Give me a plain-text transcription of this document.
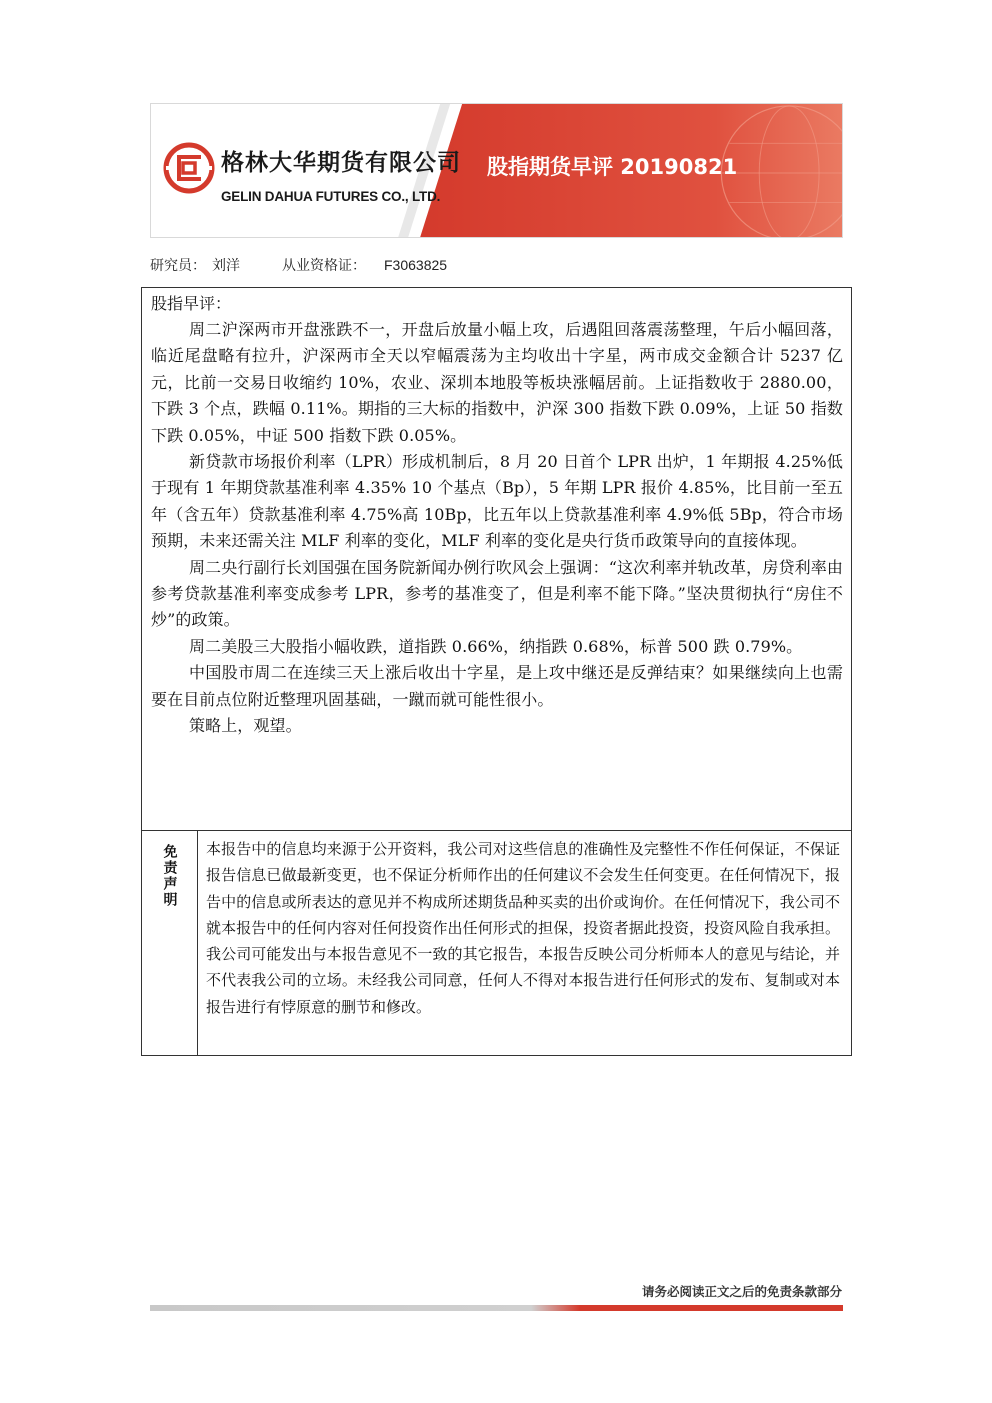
格林大华期货有限公司
GELIN DAHUA FUTURES CO., LTD.
股指期货早评 20190821
研究员： 刘洋	从业资格证： F3063825
股指早评：

周二沪深两市开盘涨跌不一，开盘后放量小幅上攻，后遇阻回落震荡整理，午后小幅回落，临近尾盘略有拉升，沪深两市全天以窄幅震荡为主均收出十字星，两市成交金额合计 5237 亿元，比前一交易日收缩约 10%，农业、深圳本地股等板块涨幅居前。上证指数收于 2880.00，下跌 3 个点，跌幅 0.11%。期指的三大标的指数中，沪深 300 指数下跌 0.09%，上证 50 指数下跌 0.05%，中证 500 指数下跌 0.05%。

新贷款市场报价利率（LPR）形成机制后，8 月 20 日首个 LPR 出炉，1 年期报 4.25%低于现有 1 年期贷款基准利率 4.35% 10 个基点（Bp），5 年期 LPR 报价 4.85%，比目前一至五年（含五年）贷款基准利率 4.75%高 10Bp，比五年以上贷款基准利率 4.9%低 5Bp，符合市场预期，未来还需关注 MLF 利率的变化，MLF 利率的变化是央行货币政策导向的直接体现。

周二央行副行长刘国强在国务院新闻办例行吹风会上强调：“这次利率并轨改革，房贷利率由参考贷款基准利率变成参考 LPR，参考的基准变了，但是利率不能下降。”坚决贯彻执行“房住不炒”的政策。

周二美股三大股指小幅收跌，道指跌 0.66%，纳指跌 0.68%，标普 500 跌 0.79%。

中国股市周二在连续三天上涨后收出十字星，是上攻中继还是反弹结束？如果继续向上也需要在目前点位附近整理巩固基础，一蹴而就可能性很小。

策略上，观望。

免责声明 本报告中的信息均来源于公开资料，我公司对这些信息的准确性及完整性不作任何保证，不保证报告信息已做最新变更，也不保证分析师作出的任何建议不会发生任何变更。在任何情况下，报告中的信息或所表达的意见并不构成所述期货品种买卖的出价或询价。在任何情况下，我公司不就本报告中的任何内容对任何投资作出任何形式的担保，投资者据此投资，投资风险自我承担。我公司可能发出与本报告意见不一致的其它报告，本报告反映公司分析师本人的意见与结论，并不代表我公司的立场。未经我公司同意，任何人不得对本报告进行任何形式的发布、复制或对本报告进行有悖原意的删节和修改。
请务必阅读正文之后的免责条款部分
